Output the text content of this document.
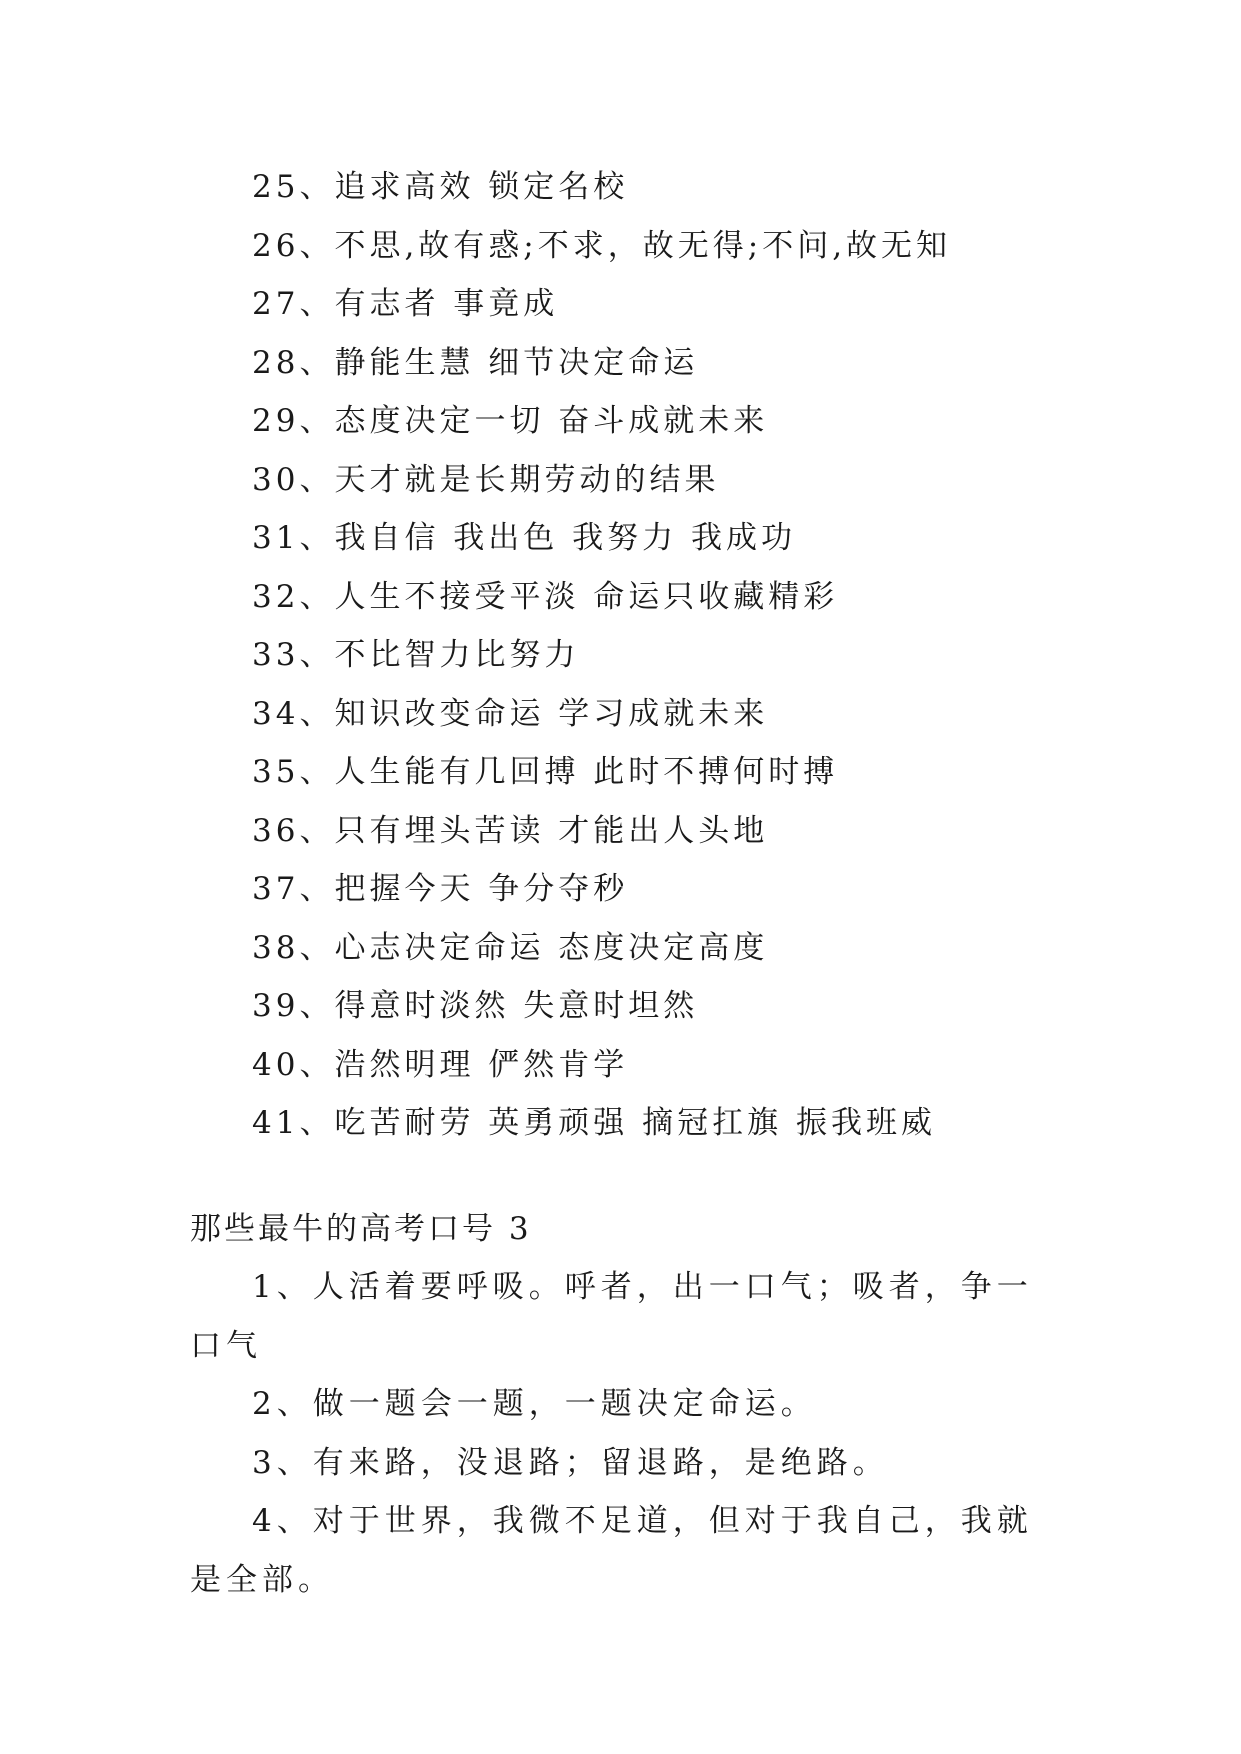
25、追求高效 锁定名校
26、不思,故有惑;不求，故无得;不问,故无知
27、有志者 事竟成
28、静能生慧 细节决定命运
29、态度决定一切 奋斗成就未来
30、天才就是长期劳动的结果
31、我自信 我出色 我努力 我成功
32、人生不接受平淡 命运只收藏精彩
33、不比智力比努力
34、知识改变命运 学习成就未来
35、人生能有几回搏 此时不搏何时搏
36、只有埋头苦读 才能出人头地
37、把握今天 争分夺秒
38、心志决定命运 态度决定高度
39、得意时淡然 失意时坦然
40、浩然明理 俨然肯学
41、吃苦耐劳 英勇顽强 摘冠扛旗 振我班威
那些最牛的高考口号 3

1、人活着要呼吸。呼者，出一口气；吸者，争一口气

2、做一题会一题，一题决定命运。

3、有来路，没退路；留退路，是绝路。

4、对于世界，我微不足道，但对于我自己，我就是全部。
